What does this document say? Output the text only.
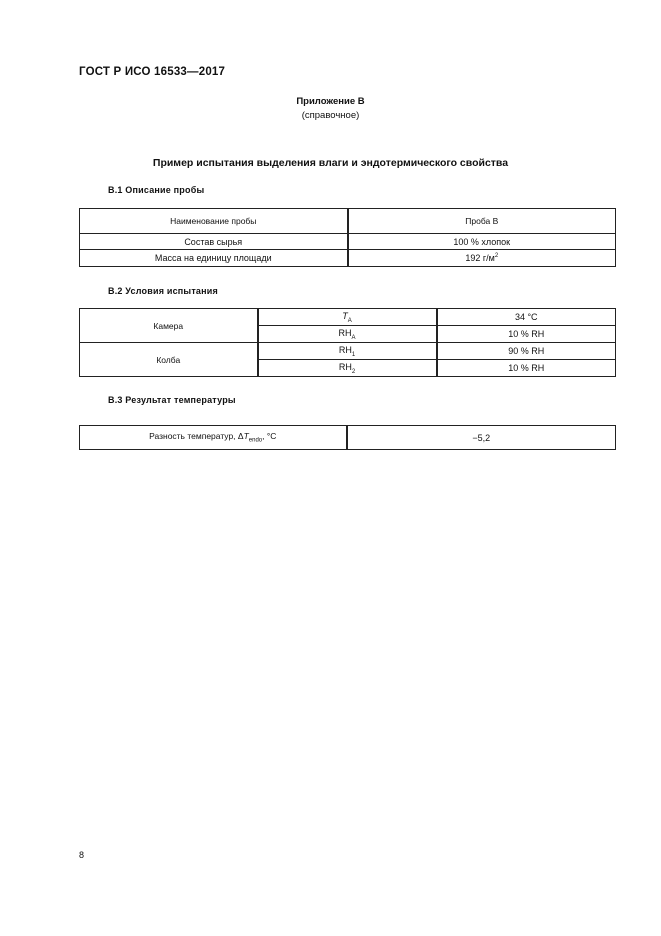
ГОСТ Р ИСО 16533—2017
Приложение В
(справочное)
Пример испытания выделения влаги и эндотермического свойства
В.1 Описание пробы
Наименование пробы	Проба В
Состав сырья	100 % хлопок
Масса на единицу площади	192 $г/м^2$
В.2 Условия испытания
Камера	$T_A$	34 °C
	$RH_A$	10 % RH
Колба	$RH_1$	90 % RH
	$RH_2$	10 % RH
В.3 Результат температуры
Разность температур, $\Delta T_{endo}$, °C	−5,2
8
